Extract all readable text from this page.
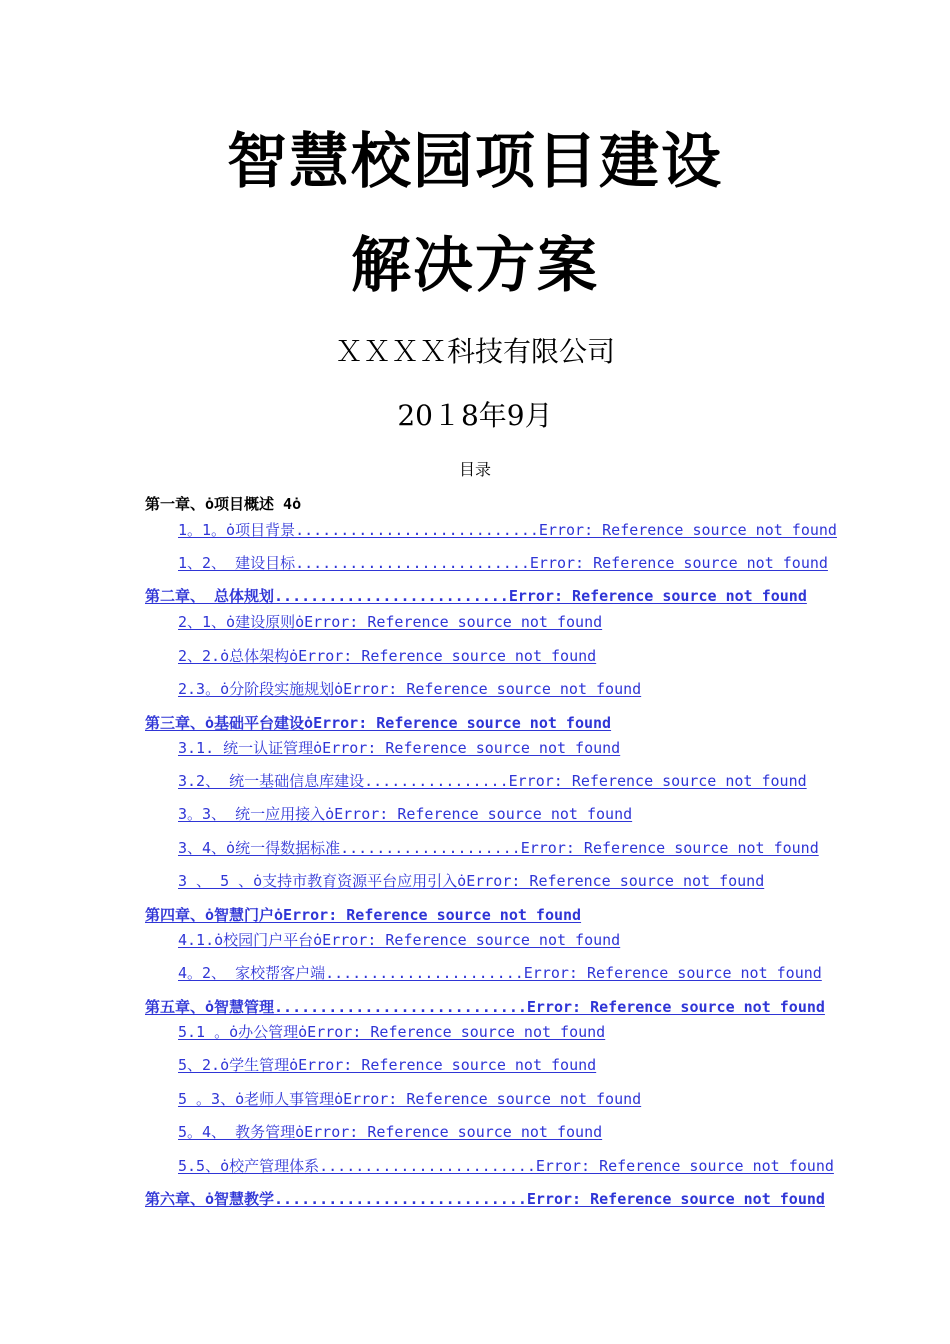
智慧校园项目建设
解决方案
ＸＸＸＸ科技有限公司
20１8年9月
目录
第一章、ȯ项目概述 4ȯ
1。1。ȯ项目背景...........................Error: Reference source not found
1、2、 建设目标..........................Error: Reference source not found
第二章、 总体规划..........................Error: Reference source not found
2、1、ȯ建设原则ȯError: Reference source not found
2、2.ȯ总体架构ȯError: Reference source not found
2.3。ȯ分阶段实施规划ȯError: Reference source not found
第三章、ȯ基础平台建设ȯError: Reference source not found
3.1. 统一认证管理ȯError: Reference source not found
3.2、 统一基础信息库建设................Error: Reference source not found
3。3、 统一应用接入ȯError: Reference source not found
3、4、ȯ统一得数据标准....................Error: Reference source not found
3 、 5 、ȯ支持市教育资源平台应用引入ȯError: Reference source not found
第四章、ȯ智慧门户ȯError: Reference source not found
4.1.ȯ校园门户平台ȯError: Reference source not found
4。2、 家校帮客户端......................Error: Reference source not found
第五章、ȯ智慧管理............................Error: Reference source not found
5.1 。ȯ办公管理ȯError: Reference source not found
5、2.ȯ学生管理ȯError: Reference source not found
5 。3、ȯ老师人事管理ȯError: Reference source not found
5。4、 教务管理ȯError: Reference source not found
5.5、ȯ校产管理体系........................Error: Reference source not found
第六章、ȯ智慧教学............................Error: Reference source not found
